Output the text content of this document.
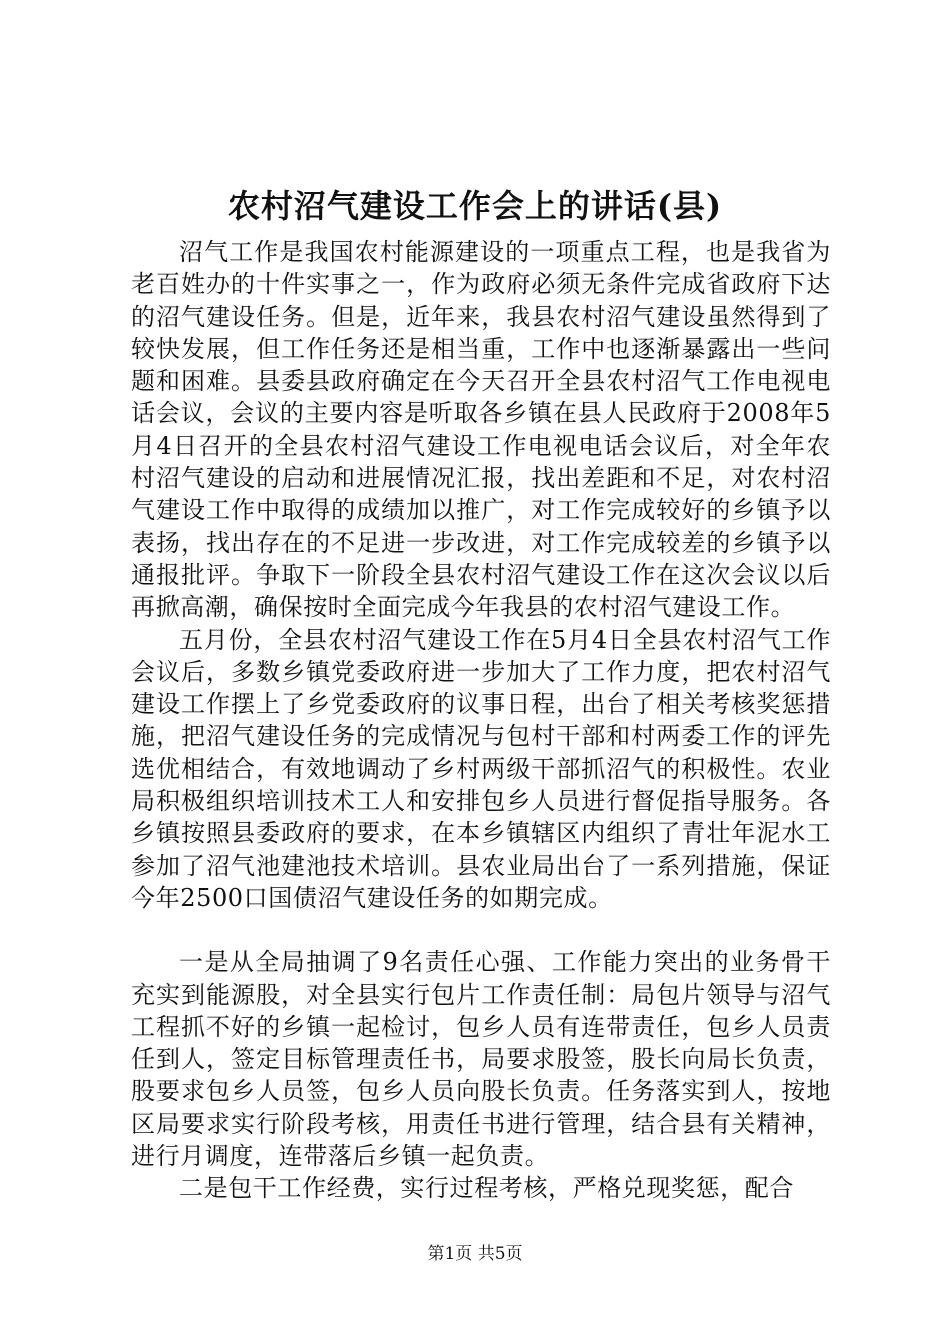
农村沼气建设工作会上的讲话(县)

沼气工作是我国农村能源建设的一项重点工程，也是我省为老百姓办的十件实事之一，作为政府必须无条件完成省政府下达的沼气建设任务。但是，近年来，我县农村沼气建设虽然得到了较快发展，但工作任务还是相当重，工作中也逐渐暴露出一些问题和困难。县委县政府确定在今天召开全县农村沼气工作电视电话会议，会议的主要内容是听取各乡镇在县人民政府于2008年5月4日召开的全县农村沼气建设工作电视电话会议后，对全年农村沼气建设的启动和进展情况汇报，找出差距和不足，对农村沼气建设工作中取得的成绩加以推广，对工作完成较好的乡镇予以表扬，找出存在的不足进一步改进，对工作完成较差的乡镇予以通报批评。争取下一阶段全县农村沼气建设工作在这次会议以后再掀高潮，确保按时全面完成今年我县的农村沼气建设工作。

五月份，全县农村沼气建设工作在5月4日全县农村沼气工作会议后，多数乡镇党委政府进一步加大了工作力度，把农村沼气建设工作摆上了乡党委政府的议事日程，出台了相关考核奖惩措施，把沼气建设任务的完成情况与包村干部和村两委工作的评先选优相结合，有效地调动了乡村两级干部抓沼气的积极性。农业局积极组织培训技术工人和安排包乡人员进行督促指导服务。各乡镇按照县委政府的要求，在本乡镇辖区内组织了青壮年泥水工参加了沼气池建池技术培训。县农业局出台了一系列措施，保证今年2500口国债沼气建设任务的如期完成。

一是从全局抽调了9名责任心强、工作能力突出的业务骨干充实到能源股，对全县实行包片工作责任制：局包片领导与沼气工程抓不好的乡镇一起检讨，包乡人员有连带责任，包乡人员责任到人，签定目标管理责任书，局要求股签，股长向局长负责，股要求包乡人员签，包乡人员向股长负责。任务落实到人，按地区局要求实行阶段考核，用责任书进行管理，结合县有关精神，进行月调度，连带落后乡镇一起负责。

二是包干工作经费，实行过程考核，严格兑现奖惩，配合

第1页 共5页
